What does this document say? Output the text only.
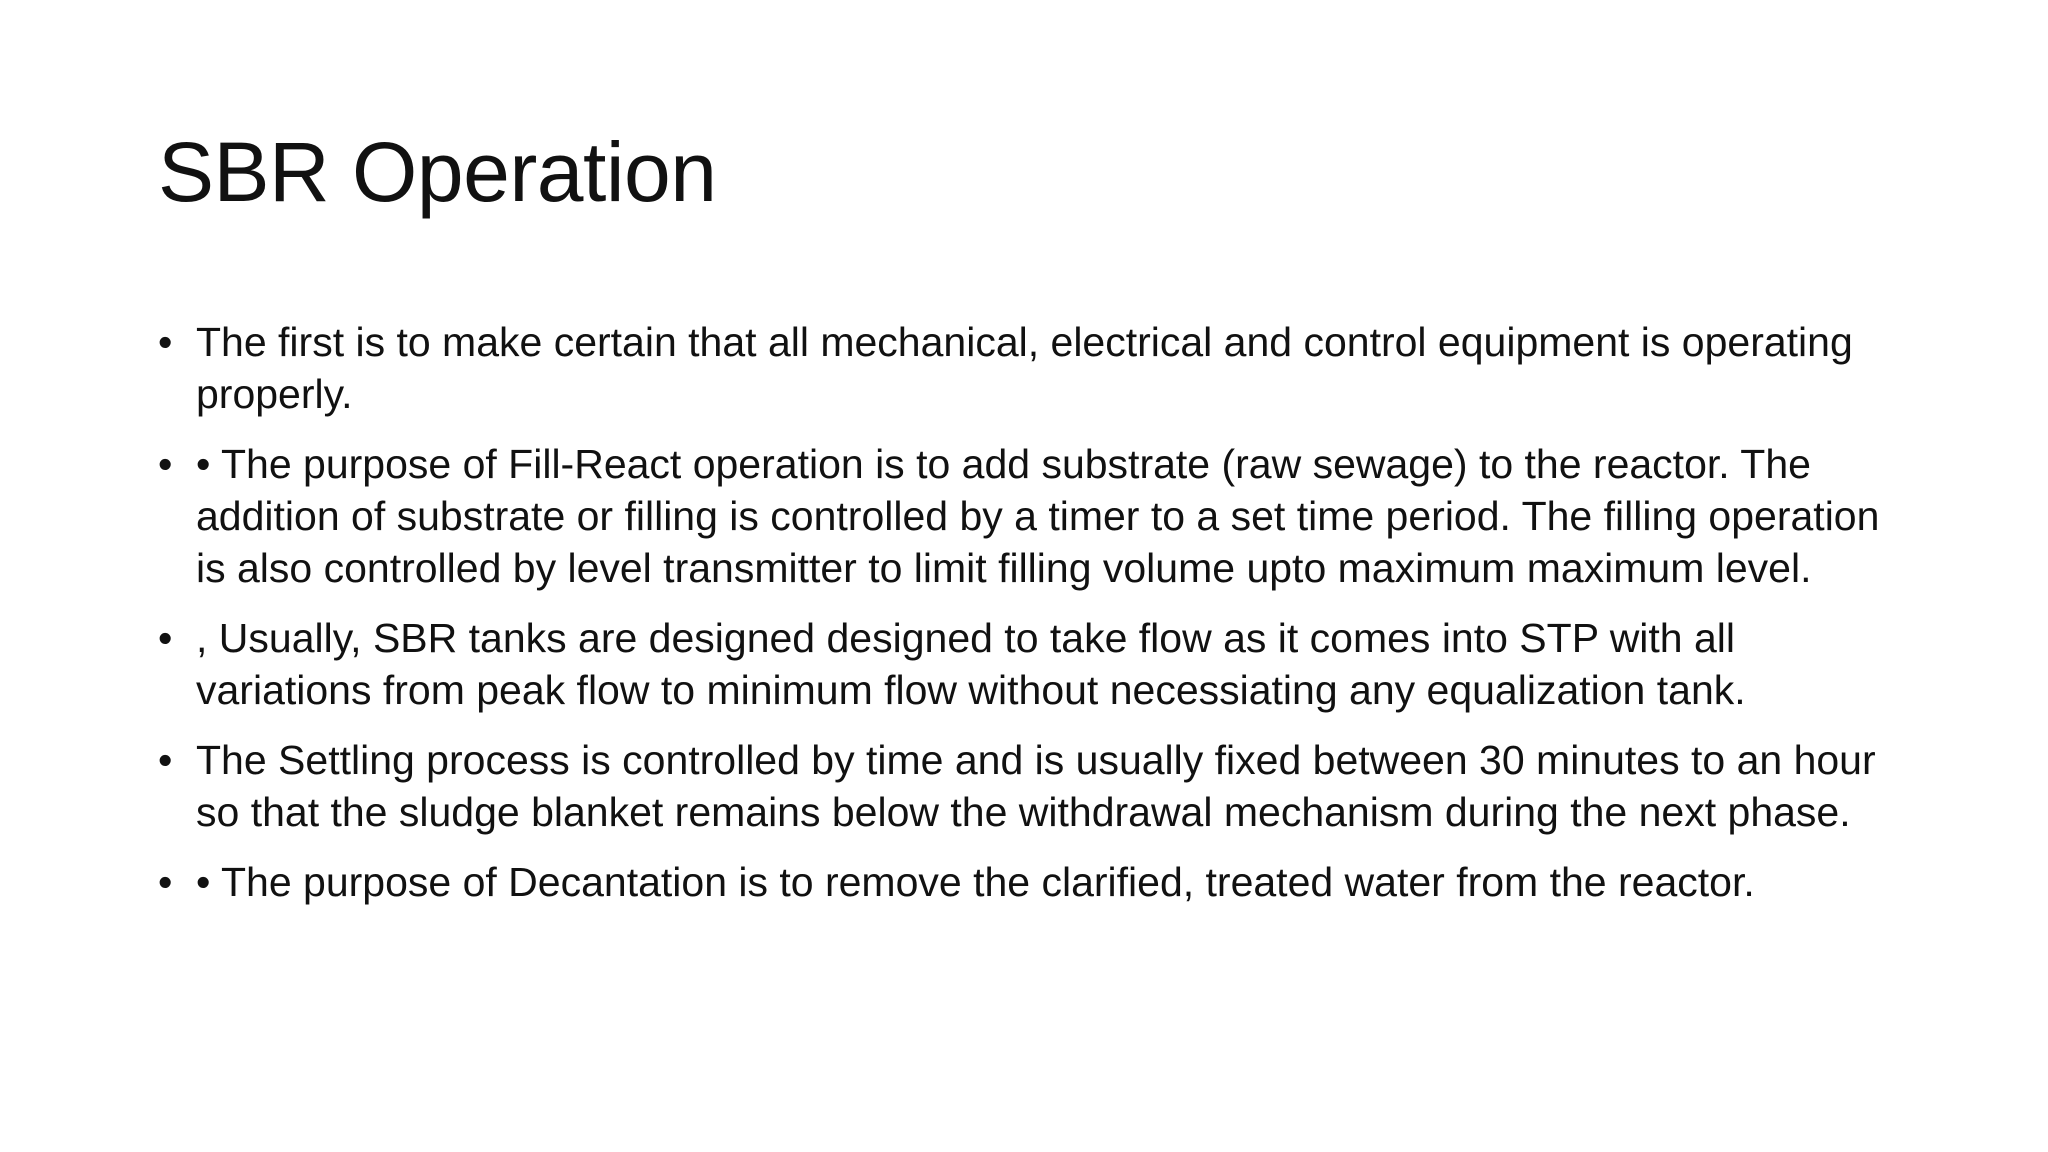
SBR Operation
• The first is to make certain that all mechanical, electrical and control equipment is operating properly.
• • The purpose of Fill-React operation is to add substrate (raw sewage) to the reactor. The addition of substrate or filling is controlled by a timer to a set time period. The filling operation is also controlled by level transmitter to limit filling volume upto maximum maximum level.
• , Usually, SBR tanks are designed designed to take flow as it comes into STP with all variations from peak flow to minimum flow without necessiating any equalization tank.
• The Settling process is controlled by time and is usually fixed between 30 minutes to an hour so that the sludge blanket remains below the withdrawal mechanism during the next phase.
• • The purpose of Decantation is to remove the clarified, treated water from the reactor.
